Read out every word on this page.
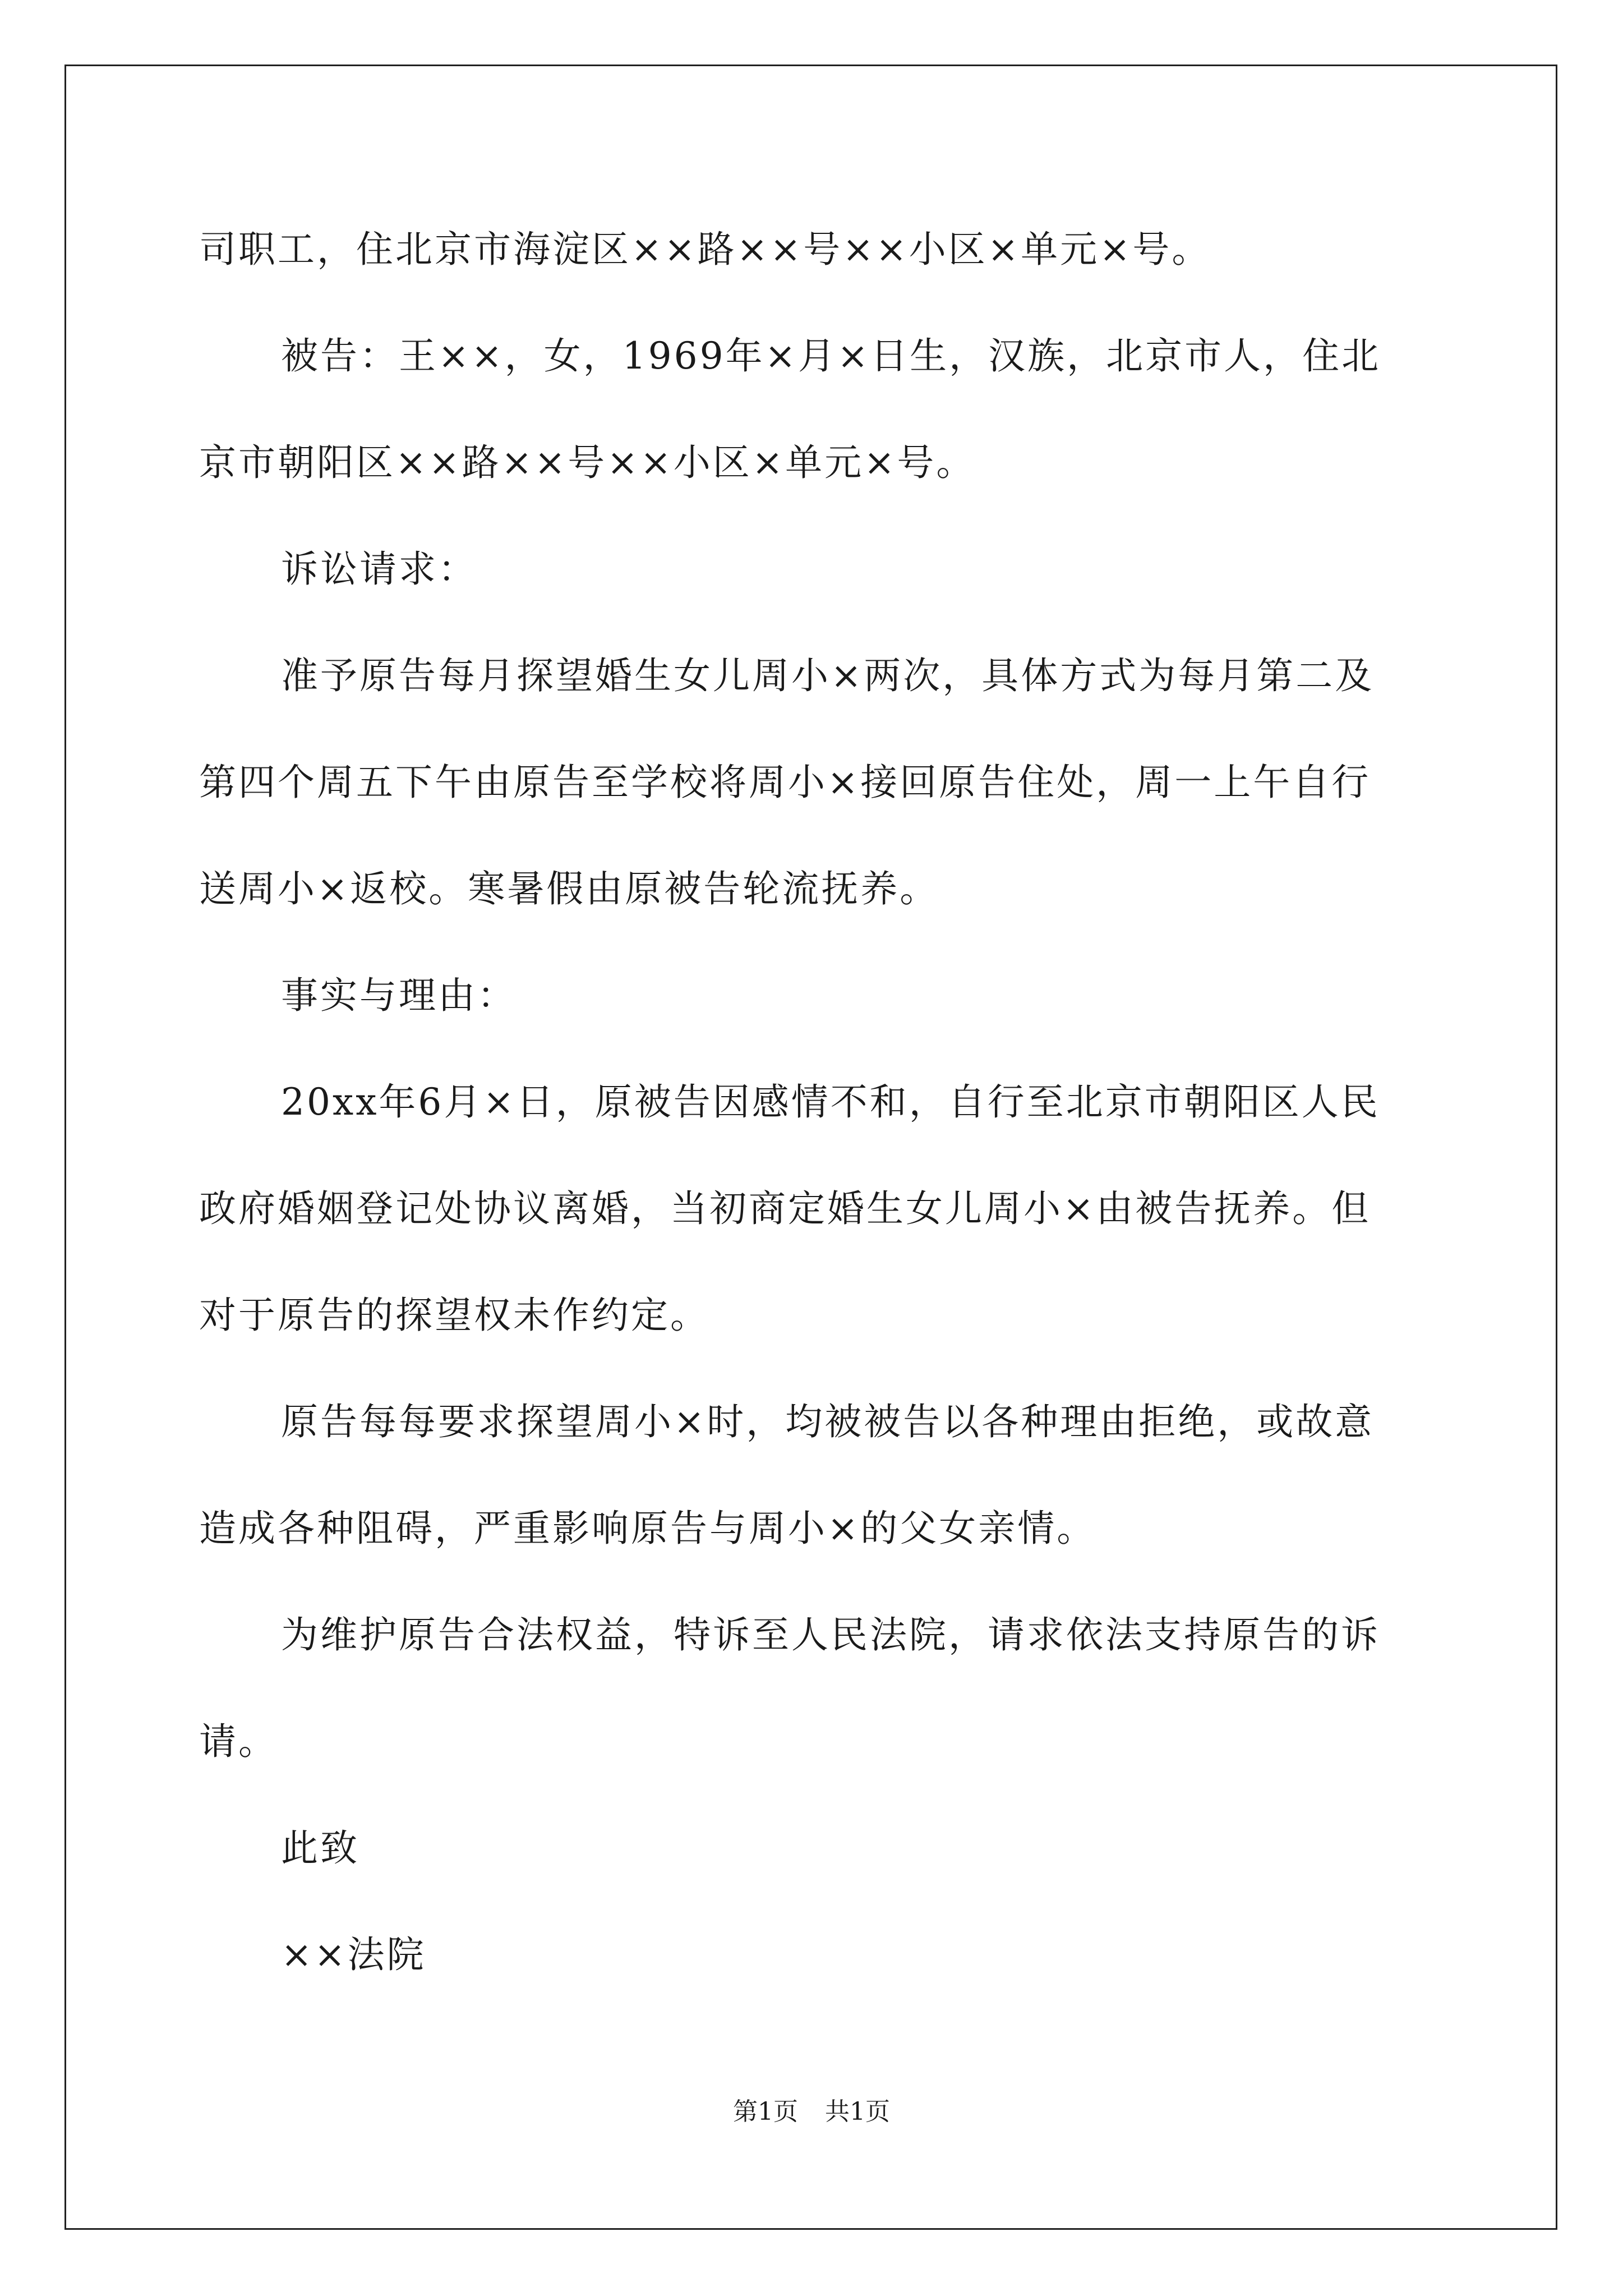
司职工，住北京市海淀区××路××号××小区×单元×号。
被告：王××，女，1969年×月×日生，汉族，北京市人，住北
京市朝阳区××路××号××小区×单元×号。
诉讼请求：
准予原告每月探望婚生女儿周小×两次，具体方式为每月第二及
第四个周五下午由原告至学校将周小×接回原告住处，周一上午自行
送周小×返校。寒暑假由原被告轮流抚养。
事实与理由：
20xx年6月×日，原被告因感情不和，自行至北京市朝阳区人民
政府婚姻登记处协议离婚，当初商定婚生女儿周小×由被告抚养。但
对于原告的探望权未作约定。
原告每每要求探望周小×时，均被被告以各种理由拒绝，或故意
造成各种阻碍，严重影响原告与周小×的父女亲情。
为维护原告合法权益，特诉至人民法院，请求依法支持原告的诉
请。
此致
××法院
第1页 共1页
